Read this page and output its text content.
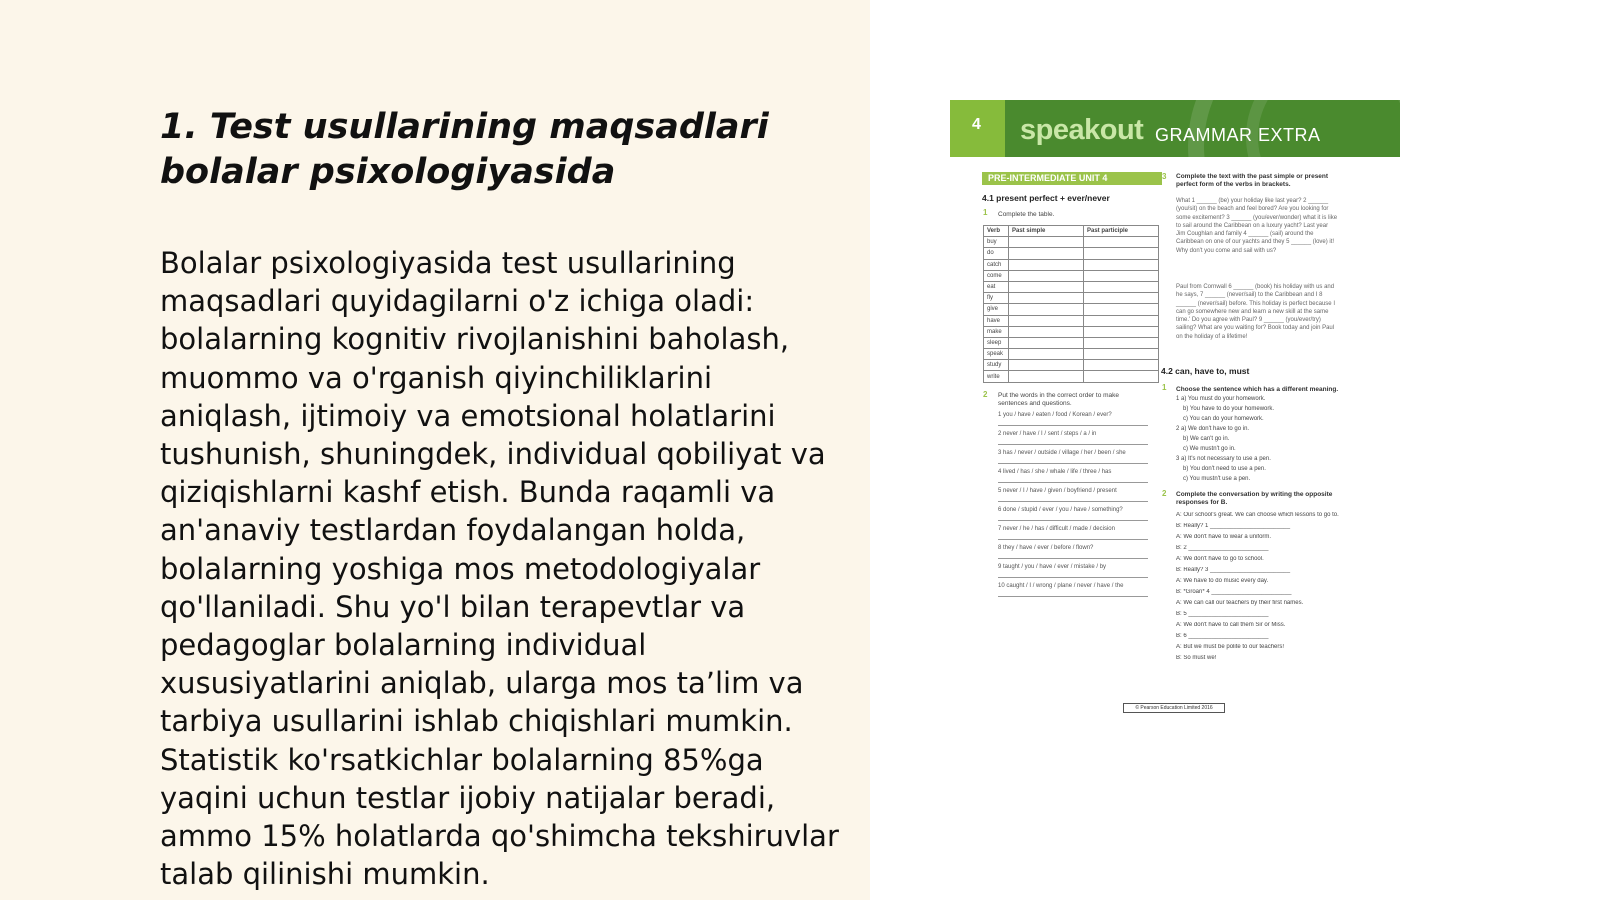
1. Test usullarining maqsadlari bolalar psixologiyasida

Bolalar psixologiyasida test usullarining maqsadlari quyidagilarni o'z ichiga oladi: bolalarning kognitiv rivojlanishini baholash, muommo va o'rganish qiyinchiliklarini aniqlash, ijtimoiy va emotsional holatlarini tushunish, shuningdek, individual qobiliyat va qiziqishlarni kashf etish. Bunda raqamli va an'anaviy testlardan foydalangan holda, bolalarning yoshiga mos metodologiyalar qo'llaniladi. Shu yo'l bilan terapevtlar va pedagoglar bolalarning individual xususiyatlarini aniqlab, ularga mos ta’lim va tarbiya usullarini ishlab chiqishlari mumkin. Statistik ko'rsatkichlar bolalarning 85%ga yaqini uchun testlar ijobiy natijalar beradi, ammo 15% holatlarda qo'shimcha tekshiruvlar talab qilinishi mumkin.

4 speakout GRAMMAR EXTRA
PRE-INTERMEDIATE UNIT 4
4.1 present perfect + ever/never
1 Complete the table.
Verb	Past simple	Past participle
buy		
do		
catch		
come		
eat		
fly		
give		
have		
make		
sleep		
speak		
study		
write		
2 Put the words in the correct order to make sentences and questions.
1 you / have / eaten / food / Korean / ever?
2 never / have / I / sent / steps / a / in
3 has / never / outside / village / her / been / she
4 lived / has / she / whale / life / three / has
5 never / I / have / given / boyfriend / present
6 done / stupid / ever / you / have / something?
7 never / he / has / difficult / made / decision
8 they / have / ever / before / flown?
9 taught / you / have / ever / mistake / by
10 caught / I / wrong / plane / never / have / the
3 Complete the text with the past simple or present perfect form of the verbs in brackets.
What 1 ______ (be) your holiday like last year? 2 ______ (you/sit) on the beach and feel bored? Are you looking for some excitement? 3 ______ (you/ever/wonder) what it is like to sail around the Caribbean on a luxury yacht? Last year Jim Coughlan and family 4 ______ (sail) around the Caribbean on one of our yachts and they 5 ______ (love) it! Why don't you come and sail with us?
Paul from Cornwall 6 ______ (book) his holiday with us and he says, 7 ______ (never/sail) to the Caribbean and I 8 ______ (never/sail) before. This holiday is perfect because I can go somewhere new and learn a new skill at the same time.' Do you agree with Paul? 9 ______ (you/ever/try) sailing? What are you waiting for? Book today and join Paul on the holiday of a lifetime!
4.2 can, have to, must
1 Choose the sentence which has a different meaning.
1 a) You must do your homework.
b) You have to do your homework.
c) You can do your homework.
2 a) We don't have to go in.
b) We can't go in.
c) We mustn't go in.
3 a) It's not necessary to use a pen.
b) You don't need to use a pen.
c) You mustn't use a pen.
2 Complete the conversation by writing the opposite responses for B.
A: Our school's great. We can choose which lessons to go to.
B: Really? 1 ________________________
A: We don't have to wear a uniform.
B: 2 ________________________
A: We don't have to go to school.
B: Really? 3 ________________________
A: We have to do music every day.
B: *Groan* 4 ________________________
A: We can call our teachers by their first names.
B: 5 ________________________
A: We don't have to call them Sir or Miss.
B: 6 ________________________
A: But we must be polite to our teachers!
B: So must we!
© Pearson Education Limited 2016
